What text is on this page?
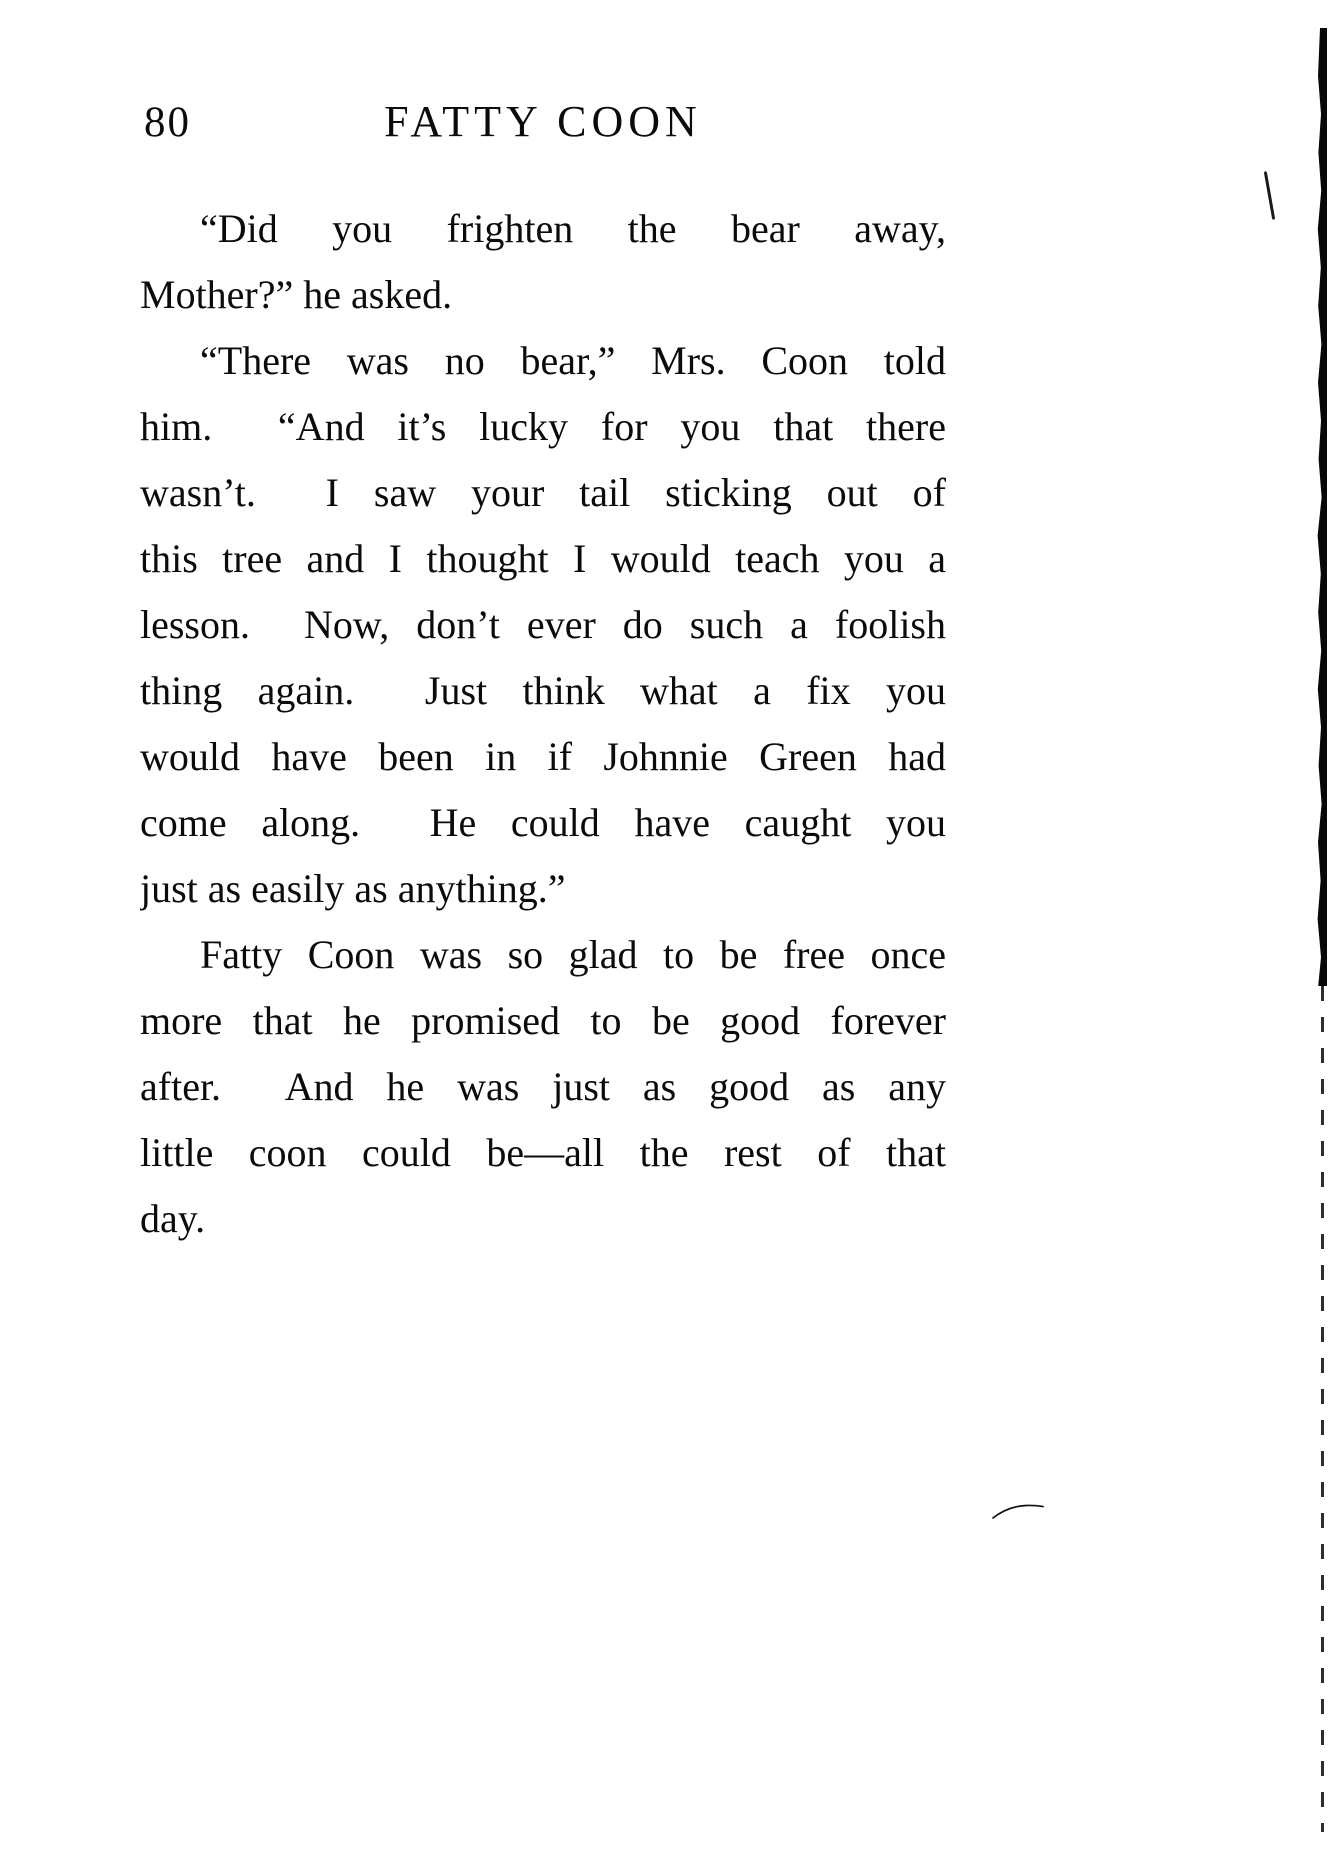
80	FATTY COON
“Did you frighten the bear away,
Mother?” he asked.
“There was no bear,” Mrs. Coon told
him.  “And it’s lucky for you that there
wasn’t.  I saw your tail sticking out of
this tree and I thought I would teach you a
lesson.  Now, don’t ever do such a foolish
thing again.  Just think what a fix you
would have been in if Johnnie Green had
come along.  He could have caught you
just as easily as anything.”
Fatty Coon was so glad to be free once
more that he promised to be good forever
after.  And he was just as good as any
little coon could be—all the rest of that
day.
